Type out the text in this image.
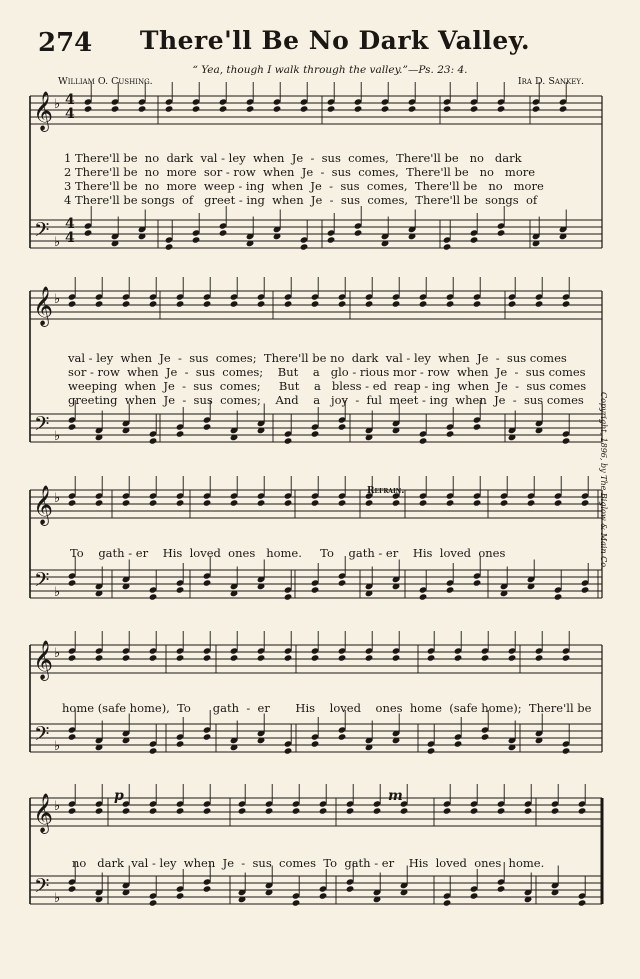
𝄞
𝄢
♭
♭
𝄞
𝄢
♭
♭
𝄞
𝄢
♭
♭
𝄞
𝄢
♭
♭
𝄞
𝄢
♭
♭
4
4
4
4
274	There'll Be No Dark Valley.
“ Yea, though I walk through the valley.”—Ps. 23: 4.
William O. Cushing.	Ira D. Sankey.
1 There'll be  no  dark  val - ley  when  Je  -  sus  comes,  There'll be   no   dark
2 There'll be  no  more  sor - row  when  Je  -  sus  comes,  There'll be   no   more
3 There'll be  no  more  weep - ing  when  Je  -  sus  comes,  There'll be   no   more
4 There'll be songs  of   greet - ing  when  Je  -  sus  comes,  There'll be  songs  of
val - ley  when  Je  -  sus  comes;  There'll be no  dark  val - ley  when  Je  -  sus comes
sor - row  when  Je  -  sus  comes;    But    a   glo - rious mor - row  when  Je  -  sus comes
weeping  when  Je  -  sus  comes;     But    a   bless - ed  reap - ing  when  Je  -  sus comes
greeting  when  Je  -  sus  comes;    And    a   joy  -  ful  meet - ing  when  Je  -  sus comes
Refrain.
To    gath - er    His  loved  ones   home.     To    gath - er    His  loved  ones
home (safe home),  To      gath  -  er       His    loved    ones  home  (safe home);  There'll be
no   dark  val - ley  when  Je  -  sus  comes  To  gath - er    His  loved  ones  home.
p	m
Copyright, 1896, by The Biglow & Main Co.
